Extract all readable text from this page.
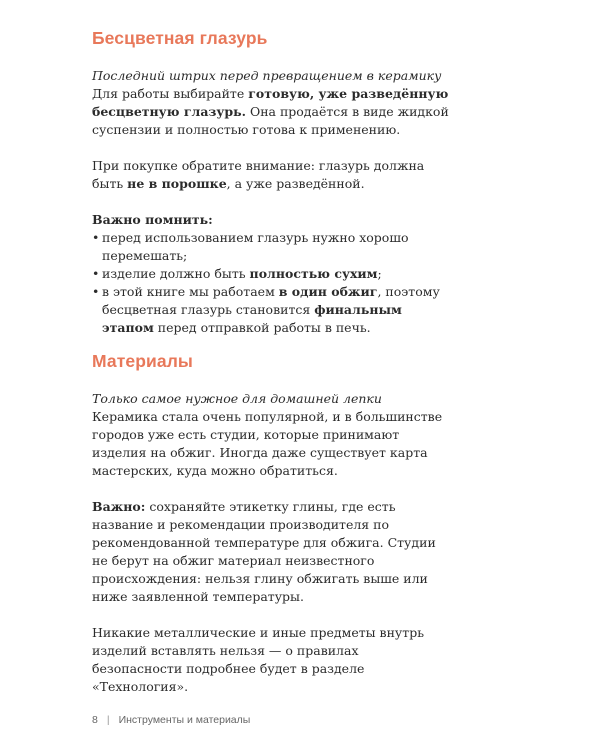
Бесцветная глазурь
Последний штрих перед превращением в керамику

Для работы выбирайте готовую, уже разведённую бесцветную глазурь. Она продаётся в виде жидкой суспензии и полностью готова к применению.

При покупке обратите внимание: глазурь должна быть не в порошке, а уже разведённой.

Важно помнить:

• перед использованием глазурь нужно хорошо перемешать;
• изделие должно быть полностью сухим;
• в этой книге мы работаем в один обжиг, поэтому бесцветная глазурь становится финальным этапом перед отправкой работы в печь.
Материалы
Только самое нужное для домашней лепки

Керамика стала очень популярной, и в большинстве городов уже есть студии, которые принимают изделия на обжиг. Иногда даже существует карта мастерских, куда можно обратиться.

Важно: сохраняйте этикетку глины, где есть название и рекомендации производителя по рекомендованной температуре для обжига. Студии не берут на обжиг материал неизвестного происхождения: нельзя глину обжигать выше или ниже заявленной температуры.

Никакие металлические и иные предметы внутрь изделий вставлять нельзя — о правилах безопасности подробнее будет в разделе «Технология».

8 | Инструменты и материалы
